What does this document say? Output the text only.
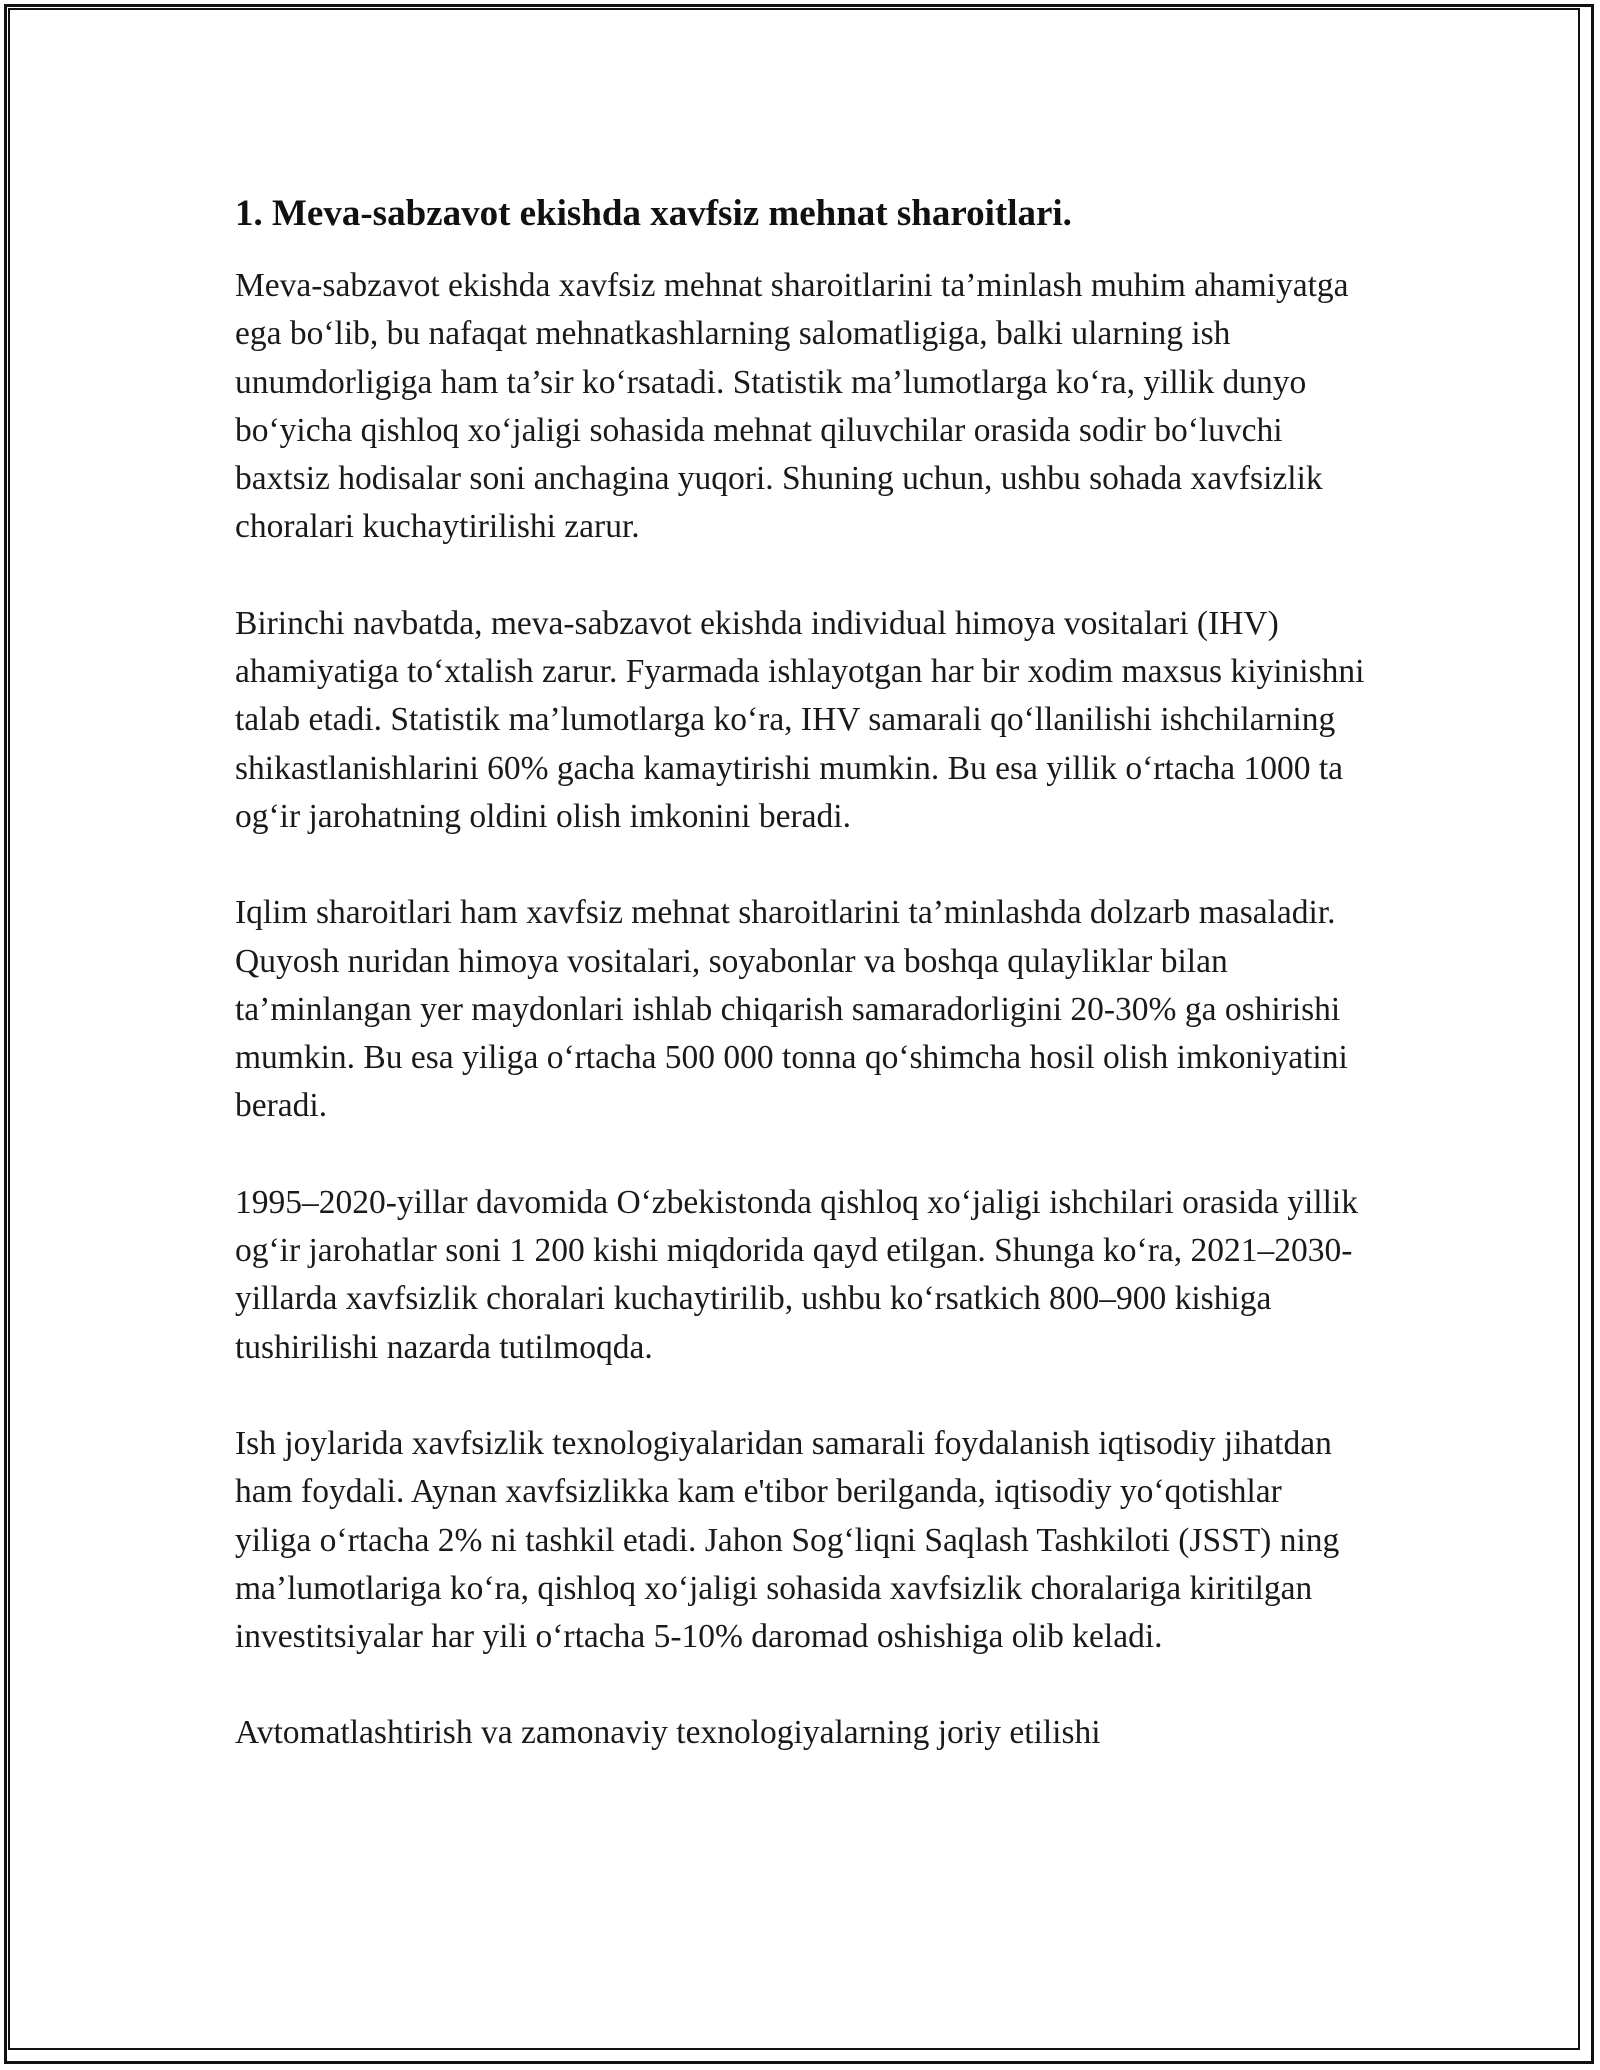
1. Meva-sabzavot ekishda xavfsiz mehnat sharoitlari.

Meva-sabzavot ekishda xavfsiz mehnat sharoitlarini ta’minlash muhim ahamiyatga ega bo‘lib, bu nafaqat mehnatkashlarning salomatligiga, balki ularning ish unumdorligiga ham ta’sir ko‘rsatadi. Statistik ma’lumotlarga ko‘ra, yillik dunyo bo‘yicha qishloq xo‘jaligi sohasida mehnat qiluvchilar orasida sodir bo‘luvchi baxtsiz hodisalar soni anchagina yuqori. Shuning uchun, ushbu sohada xavfsizlik choralari kuchaytirilishi zarur.

Birinchi navbatda, meva-sabzavot ekishda individual himoya vositalari (IHV) ahamiyatiga to‘xtalish zarur. Fyarmada ishlayotgan har bir xodim maxsus kiyinishni talab etadi. Statistik ma’lumotlarga ko‘ra, IHV samarali qo‘llanilishi ishchilarning shikastlanishlarini 60% gacha kamaytirishi mumkin. Bu esa yillik o‘rtacha 1000 ta og‘ir jarohatning oldini olish imkonini beradi.

Iqlim sharoitlari ham xavfsiz mehnat sharoitlarini ta’minlashda dolzarb masaladir. Quyosh nuridan himoya vositalari, soyabonlar va boshqa qulayliklar bilan ta’minlangan yer maydonlari ishlab chiqarish samaradorligini 20-30% ga oshirishi mumkin. Bu esa yiliga o‘rtacha 500 000 tonna qo‘shimcha hosil olish imkoniyatini beradi.

1995–2020-yillar davomida O‘zbekistonda qishloq xo‘jaligi ishchilari orasida yillik og‘ir jarohatlar soni 1 200 kishi miqdorida qayd etilgan. Shunga ko‘ra, 2021–2030-yillarda xavfsizlik choralari kuchaytirilib, ushbu ko‘rsatkich 800–900 kishiga tushirilishi nazarda tutilmoqda.

Ish joylarida xavfsizlik texnologiyalaridan samarali foydalanish iqtisodiy jihatdan ham foydali. Aynan xavfsizlikka kam e'tibor berilganda, iqtisodiy yo‘qotishlar yiliga o‘rtacha 2% ni tashkil etadi. Jahon Sog‘liqni Saqlash Tashkiloti (JSST) ning ma’lumotlariga ko‘ra, qishloq xo‘jaligi sohasida xavfsizlik choralariga kiritilgan investitsiyalar har yili o‘rtacha 5-10% daromad oshishiga olib keladi.

Avtomatlashtirish va zamonaviy texnologiyalarning joriy etilishi
